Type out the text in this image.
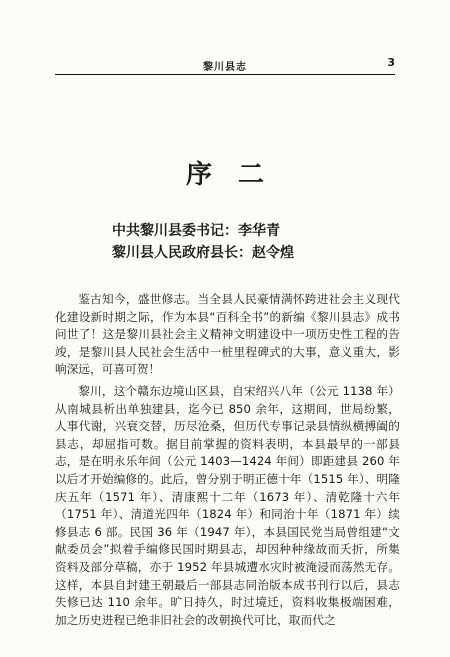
黎川县志	3
序 二
中共黎川县委书记：李华青
黎川县人民政府县长：赵令煌

鉴古知今，盛世修志。当全县人民豪情满怀跨进社会主义现代化建设新时期之际，作为本县“百科全书”的新编《黎川县志》成书问世了！这是黎川县社会主义精神文明建设中一项历史性工程的告竣，是黎川县人民社会生活中一桩里程碑式的大事，意义重大，影响深远，可喜可贺！

黎川，这个赣东边境山区县，自宋绍兴八年（公元 1138 年）从南城县析出单独建县，迄今已 850 余年，这期间，世局纷繁，人事代谢，兴衰交替，历尽沧桑，但历代专事记录县情纵横搏阖的县志，却屈指可数。据目前掌握的资料表明，本县最早的一部县志，是在明永乐年间（公元 1403—1424 年间）即距建县 260 年以后才开始编修的。此后，曾分别于明正德十年（1515 年）、明隆庆五年（1571 年）、清康熙十二年（1673 年）、清乾隆十六年（1751 年）、清道光四年（1824 年）和同治十年（1871 年）续修县志 6 部。民国 36 年（1947 年），本县国民党当局曾组建“文献委员会”拟着手编修民国时期县志，却因种种缘故而夭折，所集资料及部分草稿，亦于 1952 年县城遭水灾时被淹浸而荡然无存。这样，本县自封建王朝最后一部县志同治版本成书刊行以后，县志失修已达 110 余年。旷日持久，时过境迁，资料收集极端困难，加之历史进程已绝非旧社会的改朝换代可比，取而代之
